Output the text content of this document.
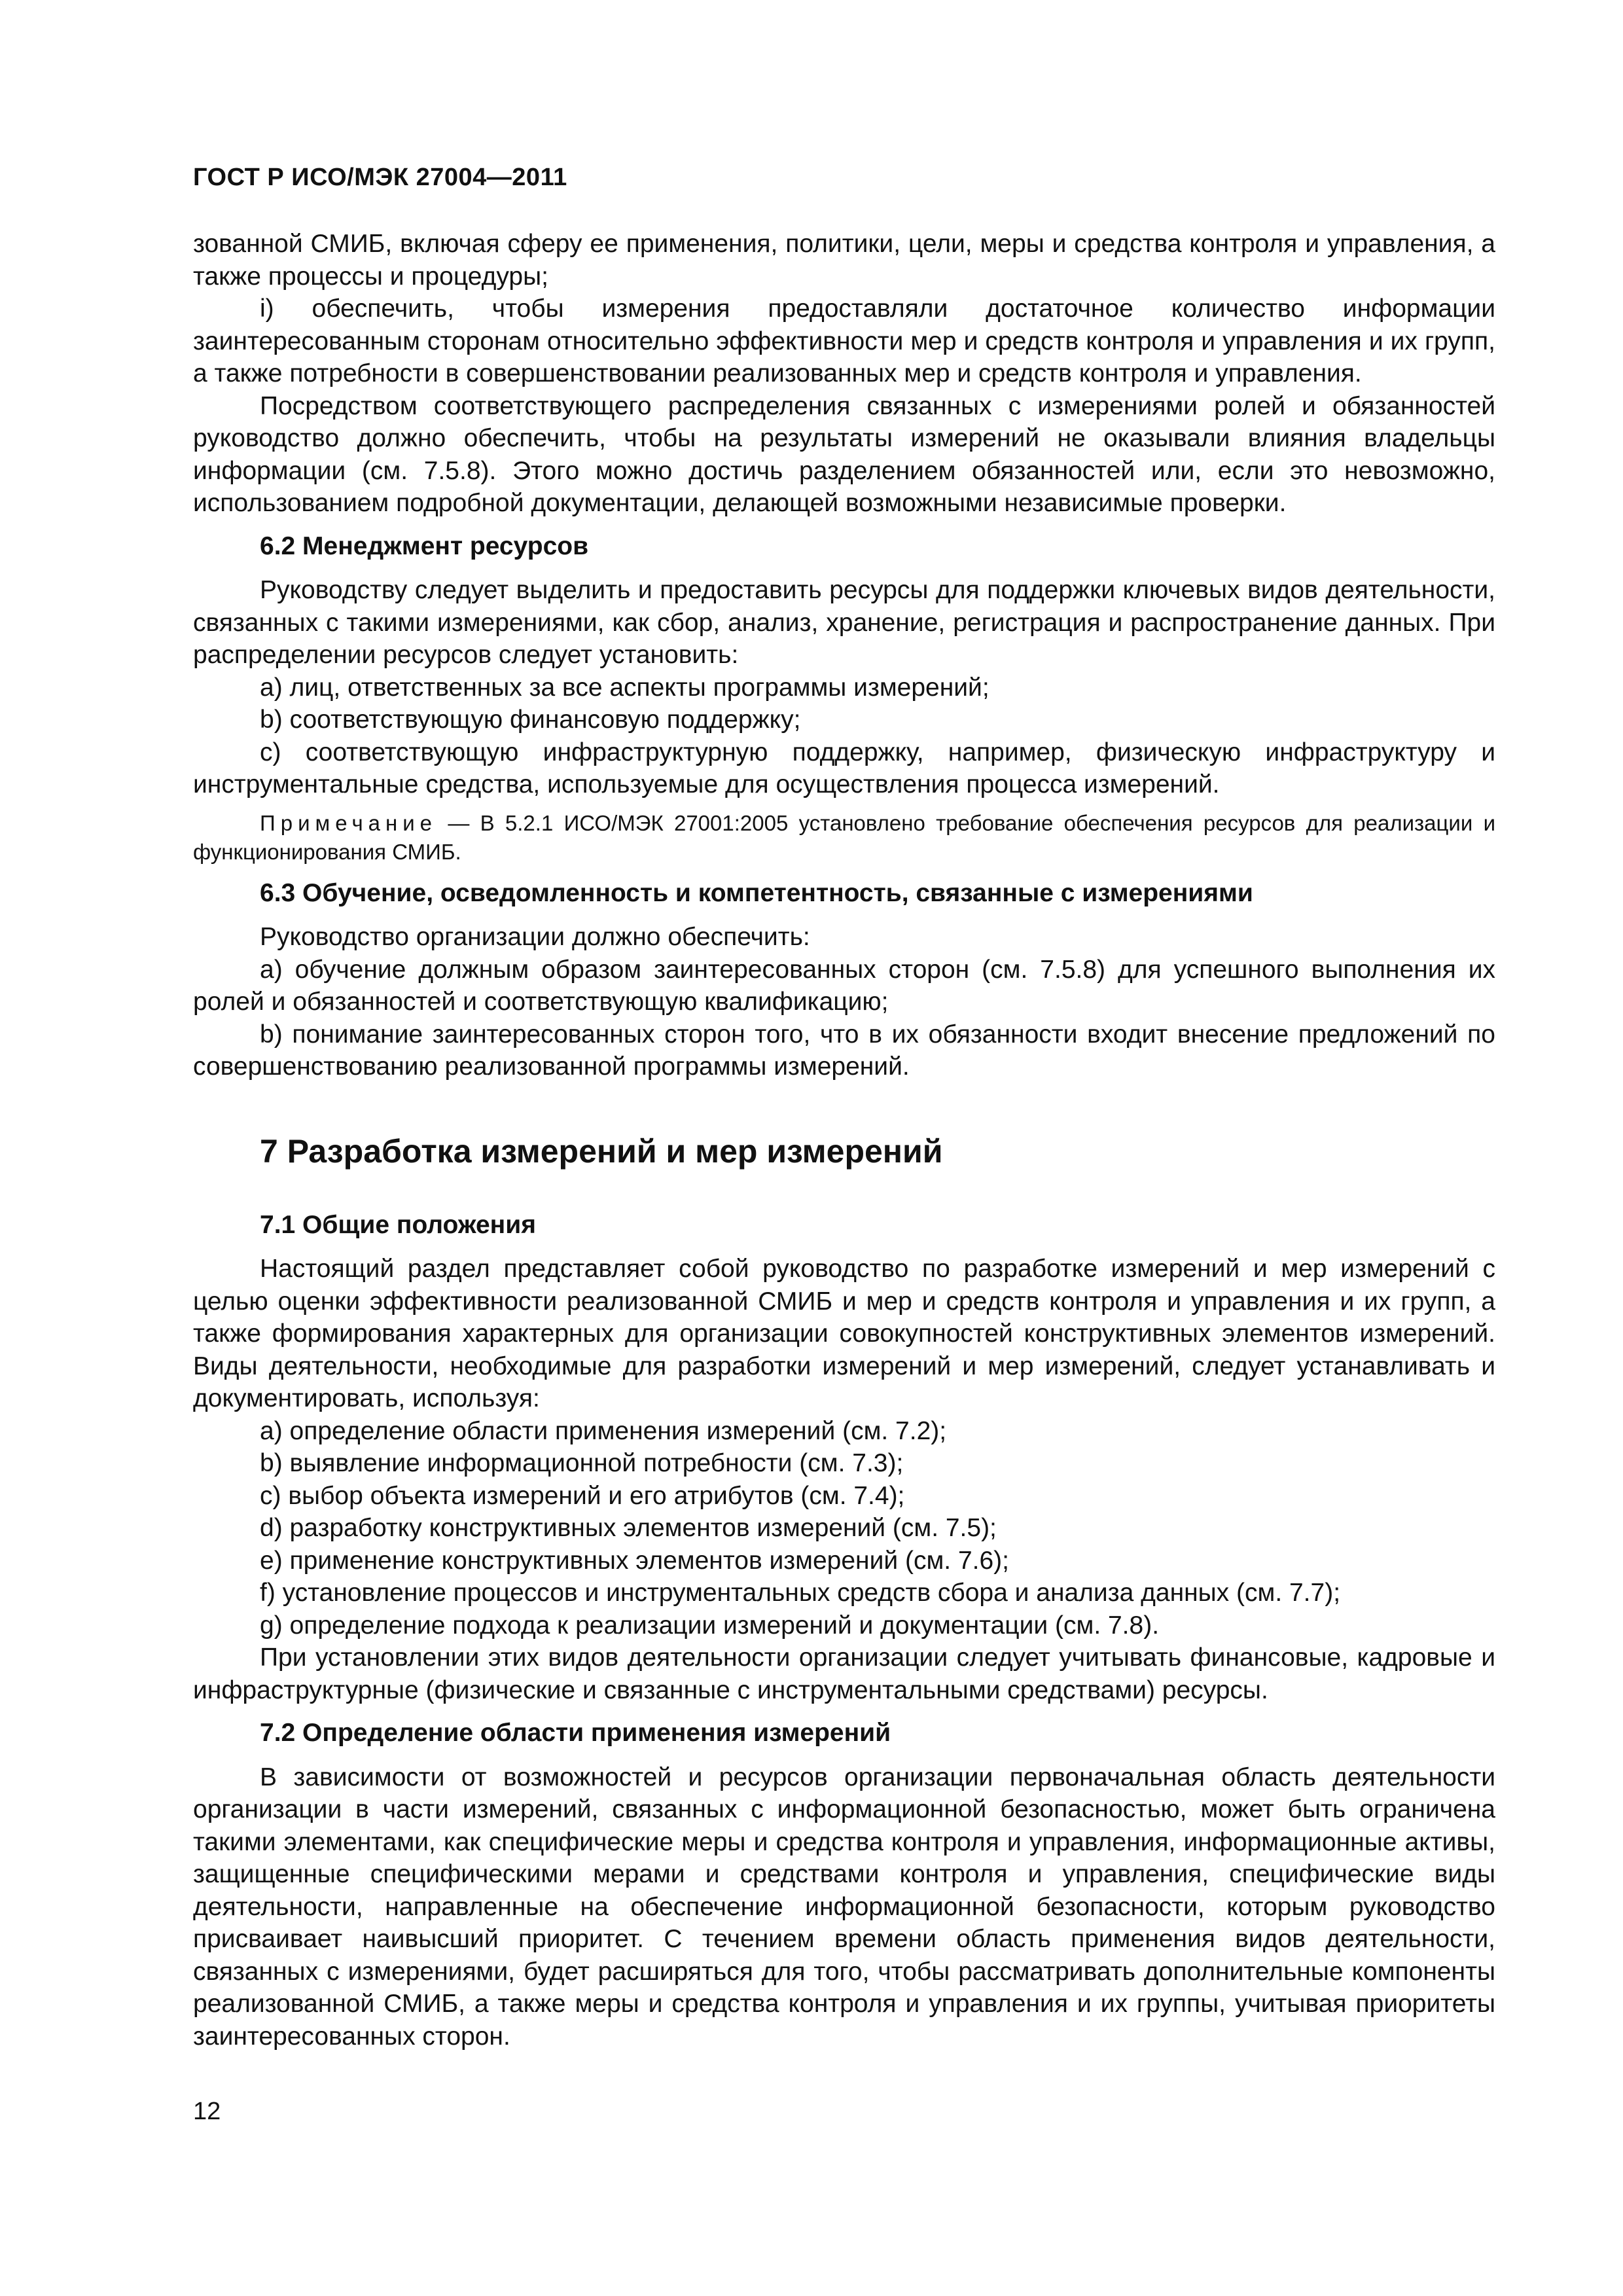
ГОСТ Р ИСО/МЭК 27004—2011

зованной СМИБ, включая сферу ее применения, политики, цели, меры и средства контроля и управления, а также процессы и процедуры;

i) обеспечить, чтобы измерения предоставляли достаточное количество информации заинтересованным сторонам относительно эффективности мер и средств контроля и управления и их групп, а также потребности в совершенствовании реализованных мер и средств контроля и управления.

Посредством соответствующего распределения связанных с измерениями ролей и обязанностей руководство должно обеспечить, чтобы на результаты измерений не оказывали влияния владельцы информации (см. 7.5.8). Этого можно достичь разделением обязанностей или, если это невозможно, использованием подробной документации, делающей возможными независимые проверки.

6.2 Менеджмент ресурсов

Руководству следует выделить и предоставить ресурсы для поддержки ключевых видов деятельности, связанных с такими измерениями, как сбор, анализ, хранение, регистрация и распространение данных. При распределении ресурсов следует установить:

а) лиц, ответственных за все аспекты программы измерений;

b) соответствующую финансовую поддержку;

с) соответствующую инфраструктурную поддержку, например, физическую инфраструктуру и инструментальные средства, используемые для осуществления процесса измерений.

Примечание — В 5.2.1 ИСО/МЭК 27001:2005 установлено требование обеспечения ресурсов для реализации и функционирования СМИБ.

6.3 Обучение, осведомленность и компетентность, связанные с измерениями

Руководство организации должно обеспечить:

а) обучение должным образом заинтересованных сторон (см. 7.5.8) для успешного выполнения их ролей и обязанностей и соответствующую квалификацию;

b) понимание заинтересованных сторон того, что в их обязанности входит внесение предложений по совершенствованию реализованной программы измерений.

7 Разработка измерений и мер измерений

7.1 Общие положения

Настоящий раздел представляет собой руководство по разработке измерений и мер измерений с целью оценки эффективности реализованной СМИБ и мер и средств контроля и управления и их групп, а также формирования характерных для организации совокупностей конструктивных элементов измерений. Виды деятельности, необходимые для разработки измерений и мер измерений, следует устанавливать и документировать, используя:

а) определение области применения измерений (см. 7.2);

b) выявление информационной потребности (см. 7.3);

с) выбор объекта измерений и его атрибутов (см. 7.4);

d) разработку конструктивных элементов измерений (см. 7.5);

е) применение конструктивных элементов измерений (см. 7.6);

f) установление процессов и инструментальных средств сбора и анализа данных (см. 7.7);

g) определение подхода к реализации измерений и документации (см. 7.8).

При установлении этих видов деятельности организации следует учитывать финансовые, кадровые и инфраструктурные (физические и связанные с инструментальными средствами) ресурсы.

7.2 Определение области применения измерений

В зависимости от возможностей и ресурсов организации первоначальная область деятельности организации в части измерений, связанных с информационной безопасностью, может быть ограничена такими элементами, как специфические меры и средства контроля и управления, информационные активы, защищенные специфическими мерами и средствами контроля и управления, специфические виды деятельности, направленные на обеспечение информационной безопасности, которым руководство присваивает наивысший приоритет. С течением времени область применения видов деятельности, связанных с измерениями, будет расширяться для того, чтобы рассматривать дополнительные компоненты реализованной СМИБ, а также меры и средства контроля и управления и их группы, учитывая приоритеты заинтересованных сторон.

12
